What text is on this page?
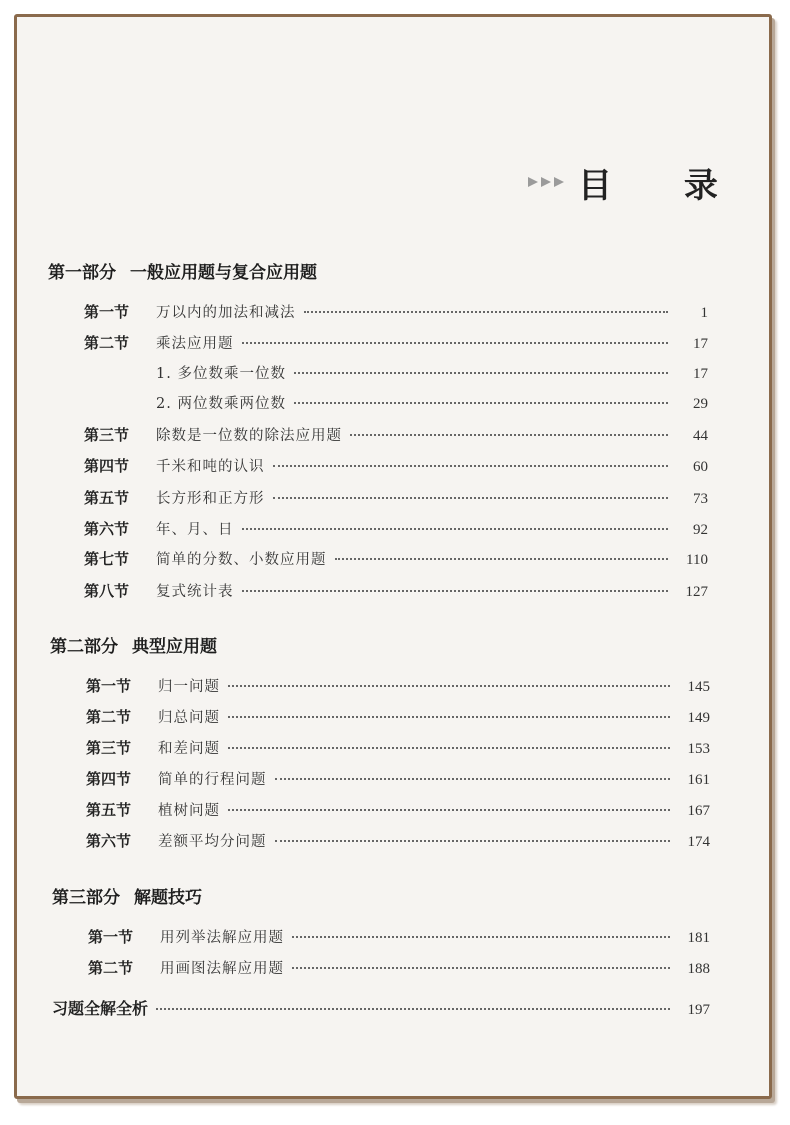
目 录
第一部分 一般应用题与复合应用题
第一节	万以内的加法和减法	1
第二节	乘法应用题	17
1. 多位数乘一位数	17
2. 两位数乘两位数	29
第三节	除数是一位数的除法应用题	44
第四节	千米和吨的认识	60
第五节	长方形和正方形	73
第六节	年、月、日	92
第七节	简单的分数、小数应用题	110
第八节	复式统计表	127
第二部分 典型应用题
第一节	归一问题	145
第二节	归总问题	149
第三节	和差问题	153
第四节	简单的行程问题	161
第五节	植树问题	167
第六节	差额平均分问题	174
第三部分 解题技巧
第一节	用列举法解应用题	181
第二节	用画图法解应用题	188
习题全解全析	197
